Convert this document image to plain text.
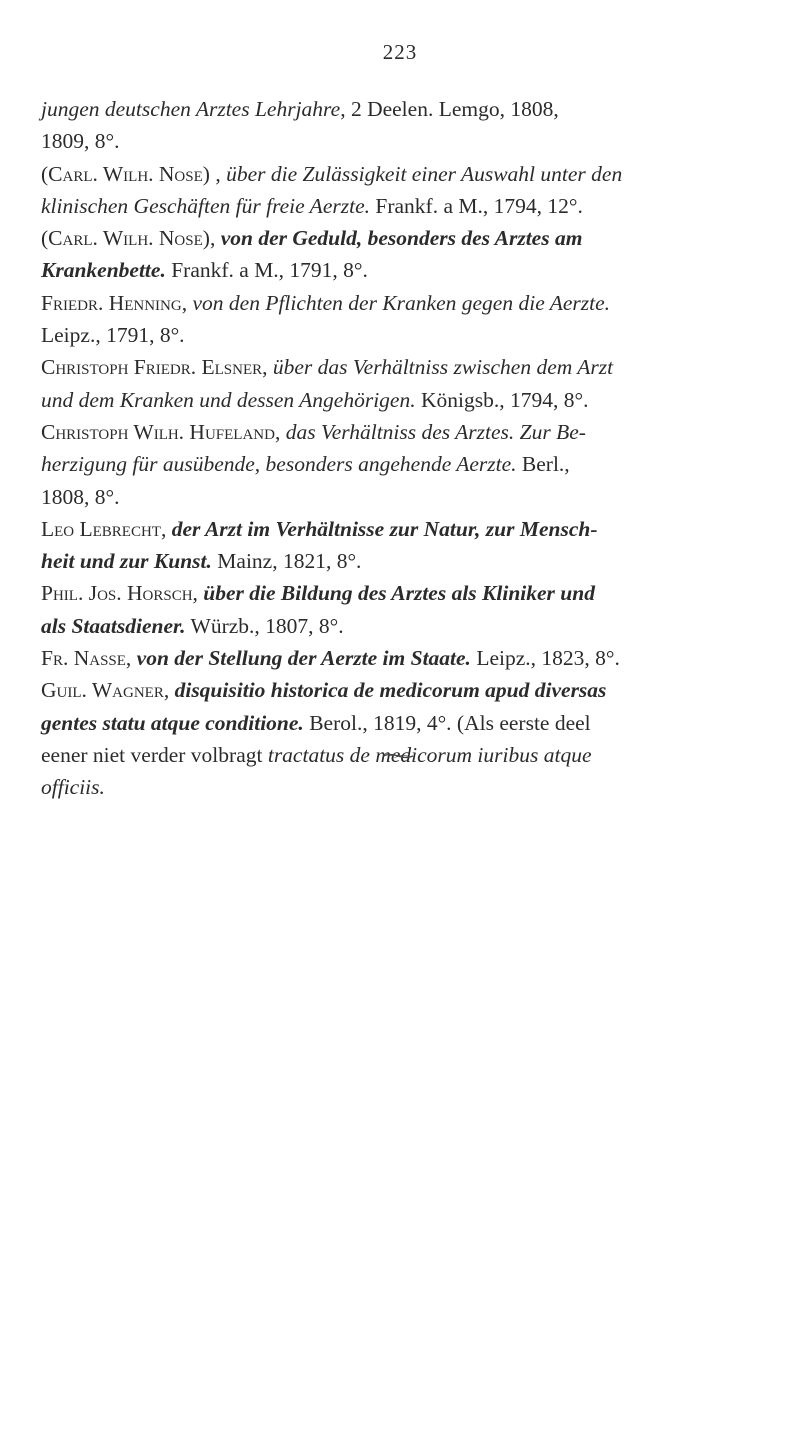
223
jungen deutschen Arztes Lehrjahre, 2 Deelen. Lemgo, 1808,
1809, 8°.
(Carl. Wilh. Nose) , über die Zulässigkeit einer Auswahl unter den
klinischen Geschäften für freie Aerzte. Frankf. a M., 1794, 12°.
(Carl. Wilh. Nose), von der Geduld, besonders des Arztes am
Krankenbette. Frankf. a M., 1791, 8°.
Friedr. Henning, von den Pflichten der Kranken gegen die Aerzte.
Leipz., 1791, 8°.
Christoph Friedr. Elsner, über das Verhältniss zwischen dem Arzt
und dem Kranken und dessen Angehörigen. Königsb., 1794, 8°.
Christoph Wilh. Hufeland, das Verhältniss des Arztes. Zur Be-
herzigung für ausübende, besonders angehende Aerzte. Berl.,
1808, 8°.
Leo Lebrecht, der Arzt im Verhältnisse zur Natur, zur Mensch-
heit und zur Kunst. Mainz, 1821, 8°.
Phil. Jos. Horsch, über die Bildung des Arztes als Kliniker und
als Staatsdiener. Würzb., 1807, 8°.
Fr. Nasse, von der Stellung der Aerzte im Staate. Leipz., 1823, 8°.
Guil. Wagner, disquisitio historica de medicorum apud diversas
gentes statu atque conditione. Berol., 1819, 4°. (Als eerste deel
eener niet verder volbragt tractatus de medicorum iuribus atque
officiis.
